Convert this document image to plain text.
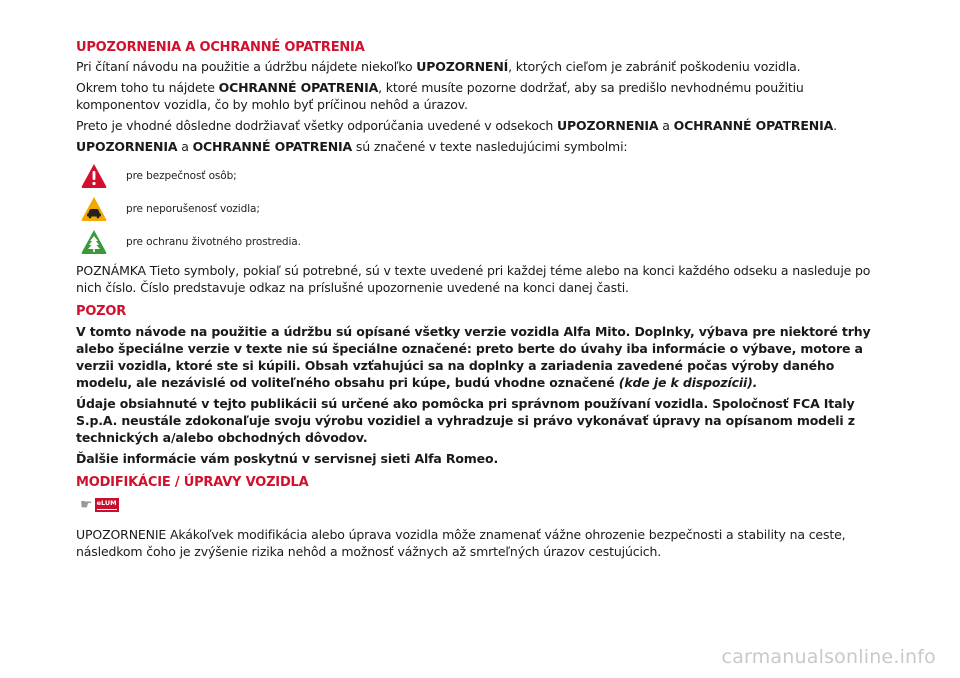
UPOZORNENIA A OCHRANNÉ OPATRENIA

Pri čítaní návodu na použitie a údržbu nájdete niekoľko UPOZORNENÍ, ktorých cieľom je zabrániť poškodeniu vozidla.

Okrem toho tu nájdete OCHRANNÉ OPATRENIA, ktoré musíte pozorne dodržať, aby sa predišlo nevhodnému použitiu komponentov vozidla, čo by mohlo byť príčinou nehôd a úrazov.

Preto je vhodné dôsledne dodržiavať všetky odporúčania uvedené v odsekoch UPOZORNENIA a OCHRANNÉ OPATRENIA.

UPOZORNENIA a OCHRANNÉ OPATRENIA sú značené v texte nasledujúcimi symbolmi:

pre bezpečnosť osôb;
pre neporušenosť vozidla;
pre ochranu životného prostredia.

POZNÁMKA Tieto symboly, pokiaľ sú potrebné, sú v texte uvedené pri každej téme alebo na konci každého odseku a nasleduje po nich číslo. Číslo predstavuje odkaz na príslušné upozornenie uvedené na konci danej časti.

POZOR

V tomto návode na použitie a údržbu sú opísané všetky verzie vozidla Alfa Mito. Doplnky, výbava pre niektoré trhy alebo špeciálne verzie v texte nie sú špeciálne označené: preto berte do úvahy iba informácie o výbave, motore a verzii vozidla, ktoré ste si kúpili. Obsah vzťahujúci sa na doplnky a zariadenia zavedené počas výroby daného modelu, ale nezávislé od voliteľného obsahu pri kúpe, budú vhodne označené (kde je k dispozícii).

Údaje obsiahnuté v tejto publikácii sú určené ako pomôcka pri správnom používaní vozidla. Spoločnosť FCA Italy S.p.A. neustále zdokonaľuje svoju výrobu vozidiel a vyhradzuje si právo vykonávať úpravy na opísanom modeli z technických a/alebo obchodných dôvodov.

Ďalšie informácie vám poskytnú v servisnej sieti Alfa Romeo.

MODIFIKÁCIE / ÚPRAVY VOZIDLA
☛ eLUM

UPOZORNENIE Akákoľvek modifikácia alebo úprava vozidla môže znamenať vážne ohrozenie bezpečnosti a stability na ceste, následkom čoho je zvýšenie rizika nehôd a možnosť vážnych až smrteľných úrazov cestujúcich.

carmanualsonline.info
